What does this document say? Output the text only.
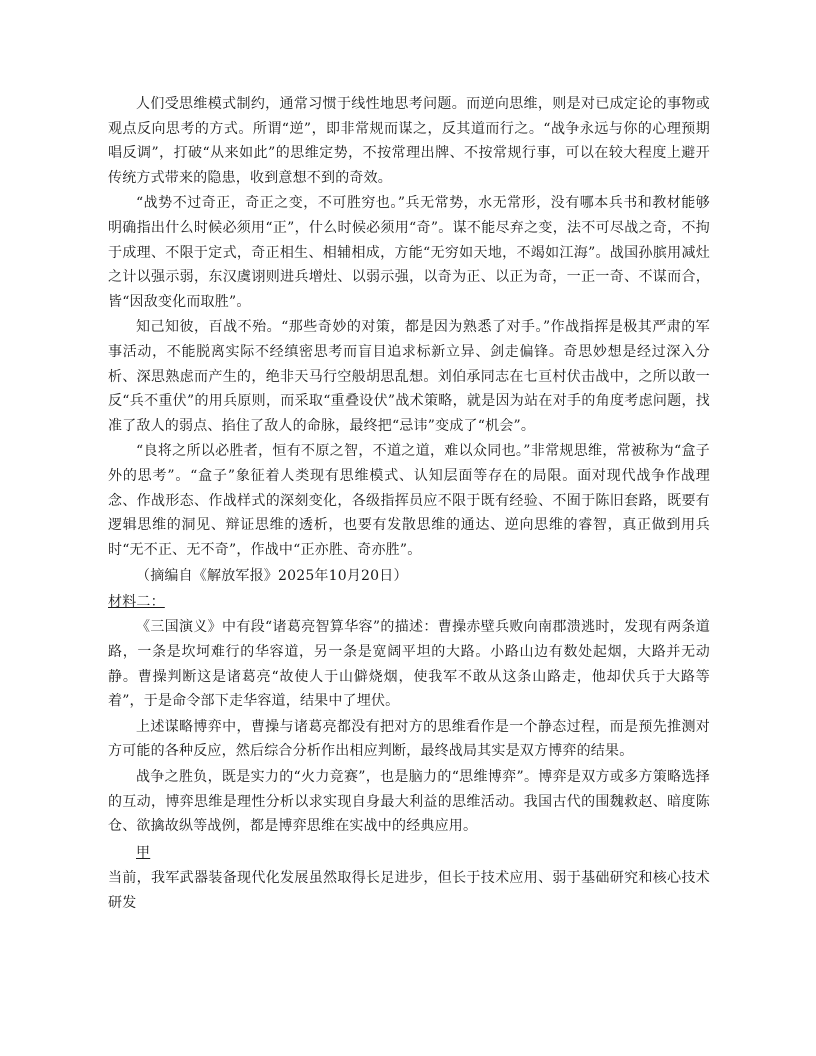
人们受思维模式制约，通常习惯于线性地思考问题。而逆向思维，则是对已成定论的事物或观点反向思考的方式。所谓“逆”，即非常规而谋之，反其道而行之。“战争永远与你的心理预期唱反调”，打破“从来如此”的思维定势，不按常理出牌、不按常规行事，可以在较大程度上避开传统方式带来的隐患，收到意想不到的奇效。

“战势不过奇正，奇正之变，不可胜穷也。”兵无常势，水无常形，没有哪本兵书和教材能够明确指出什么时候必须用“正”，什么时候必须用“奇”。谋不能尽弃之变，法不可尽战之奇，不拘于成理、不限于定式，奇正相生、相辅相成，方能“无穷如天地，不竭如江海”。战国孙膑用减灶之计以强示弱，东汉虞诩则进兵增灶、以弱示强，以奇为正、以正为奇，一正一奇、不谋而合，皆“因敌变化而取胜”。

知己知彼，百战不殆。“那些奇妙的对策，都是因为熟悉了对手。”作战指挥是极其严肃的军事活动，不能脱离实际不经缜密思考而盲目追求标新立异、剑走偏锋。奇思妙想是经过深入分析、深思熟虑而产生的，绝非天马行空般胡思乱想。刘伯承同志在七亘村伏击战中，之所以敢一反“兵不重伏”的用兵原则，而采取“重叠设伏”战术策略，就是因为站在对手的角度考虑问题，找准了敌人的弱点、掐住了敌人的命脉，最终把“忌讳”变成了“机会”。

“良将之所以必胜者，恒有不原之智，不道之道，难以众同也。”非常规思维，常被称为“盒子外的思考”。“盒子”象征着人类现有思维模式、认知层面等存在的局限。面对现代战争作战理念、作战形态、作战样式的深刻变化，各级指挥员应不限于既有经验、不囿于陈旧套路，既要有逻辑思维的洞见、辩证思维的透析，也要有发散思维的通达、逆向思维的睿智，真正做到用兵时“无不正、无不奇”，作战中“正亦胜、奇亦胜”。

（摘编自《解放军报》2025年10月20日）

材料二：

《三国演义》中有段“诸葛亮智算华容”的描述：曹操赤壁兵败向南郡溃逃时，发现有两条道路，一条是坎坷难行的华容道，另一条是宽阔平坦的大路。小路山边有数处起烟，大路并无动静。曹操判断这是诸葛亮“故使人于山僻烧烟，使我军不敢从这条山路走，他却伏兵于大路等着”，于是命令部下走华容道，结果中了埋伏。

上述谋略博弈中，曹操与诸葛亮都没有把对方的思维看作是一个静态过程，而是预先推测对方可能的各种反应，然后综合分析作出相应判断，最终战局其实是双方博弈的结果。

战争之胜负，既是实力的“火力竞赛”，也是脑力的“思维博弈”。博弈是双方或多方策略选择的互动，博弈思维是理性分析以求实现自身最大利益的思维活动。我国古代的围魏救赵、暗度陈仓、欲擒故纵等战例，都是博弈思维在实战中的经典应用。

甲

当前，我军武器装备现代化发展虽然取得长足进步，但长于技术应用、弱于基础研究和核心技术研发
